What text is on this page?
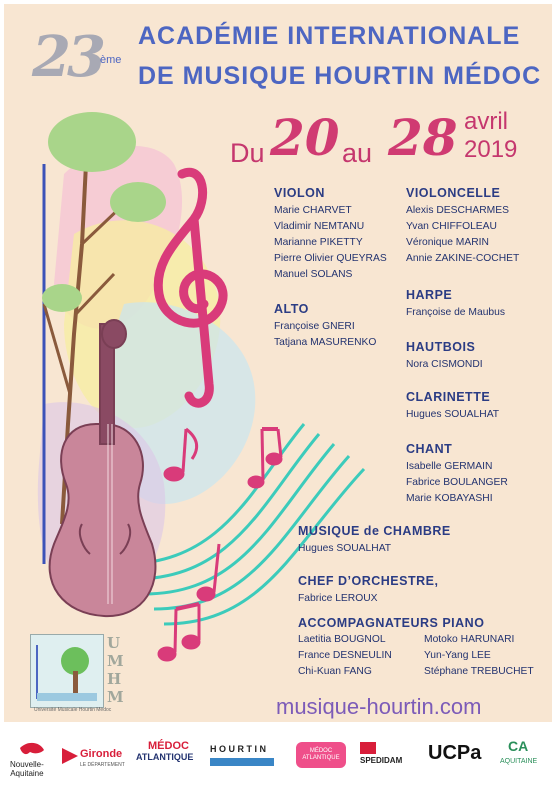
23
ème
ACADÉMIE INTERNATIONALE
DE MUSIQUE HOURTIN MÉDOC
Du 20 au 28 avril
2019
VIOLON
Marie CHARVET
Vladimir NEMTANU
Marianne PIKETTY
Pierre Olivier QUEYRAS
Manuel SOLANS
ALTO
Françoise GNERI
Tatjana MASURENKO
VIOLONCELLE
Alexis DESCHARMES
Yvan CHIFFOLEAU
Véronique MARIN
Annie ZAKINE-COCHET
HARPE
Françoise de Maubus
HAUTBOIS
Nora CISMONDI
CLARINETTE
Hugues SOUALHAT
CHANT
Isabelle GERMAIN
Fabrice BOULANGER
Marie KOBAYASHI
MUSIQUE de CHAMBRE
Hugues SOUALHAT
CHEF D’ORCHESTRE,
Fabrice LEROUX
ACCOMPAGNATEURS PIANO
Laetitia BOUGNOL
France DESNEULIN
Chi-Kuan FANG
Motoko HARUNARI
Yun-Yang LEE
Stéphane TREBUCHET
U
M
H
M
Université Musicale Hourtin Médoc	musique-hourtin.com
Nouvelle-
Aquitaine
Gironde
LE DÉPARTEMENT
MÉDOC
ATLANTIQUE
H O U R T I N	MÉDOC ATLANTIQUE	SPEDIDAM UCPa CA
AQUITAINE
